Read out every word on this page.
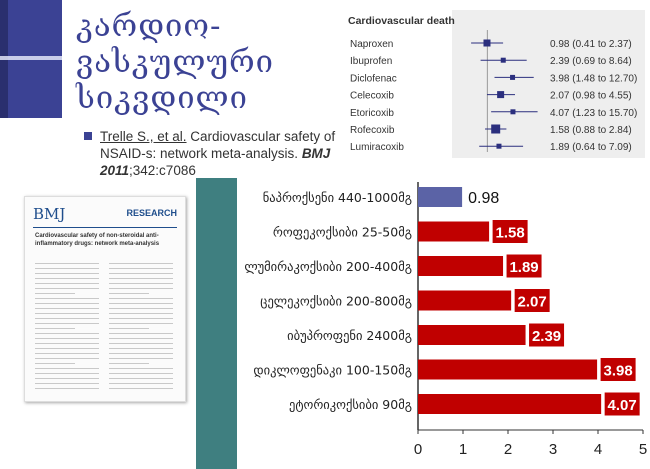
კარდიო-
ვასკულური
სიკვდილი
Trelle S., et al. Cardiovascular safety of NSAID-s: network meta-analysis. BMJ 2011;342:c7086
Cardiovascular death
Naproxen	0.98 (0.41 to 2.37)
Ibuprofen	2.39 (0.69 to 8.64)
Diclofenac	3.98 (1.48 to 12.70)
Celecoxib	2.07 (0.98 to 4.55)
Etoricoxib	4.07 (1.23 to 15.70)
Rofecoxib	1.58 (0.88 to 2.84)
Lumiracoxib	1.89 (0.64 to 7.09)
BMJ	RESEARCH
Cardiovascular safety of non-steroidal anti-inflammatory drugs: network meta-analysis
ნაპროქსენი 440-1000მგ	0.98
როფეკოქსიბი 25-50მგ	1.58
ლუმირაკოქსიბი 200-400მგ	1.89
ცელეკოქსიბი 200-800მგ	2.07
იბუპროფენი 2400მგ	2.39
დიკლოფენაკი 100-150მგ	3.98
ეტორიკოქსიბი 90მგ	4.07
0 1 2 3 4 5
